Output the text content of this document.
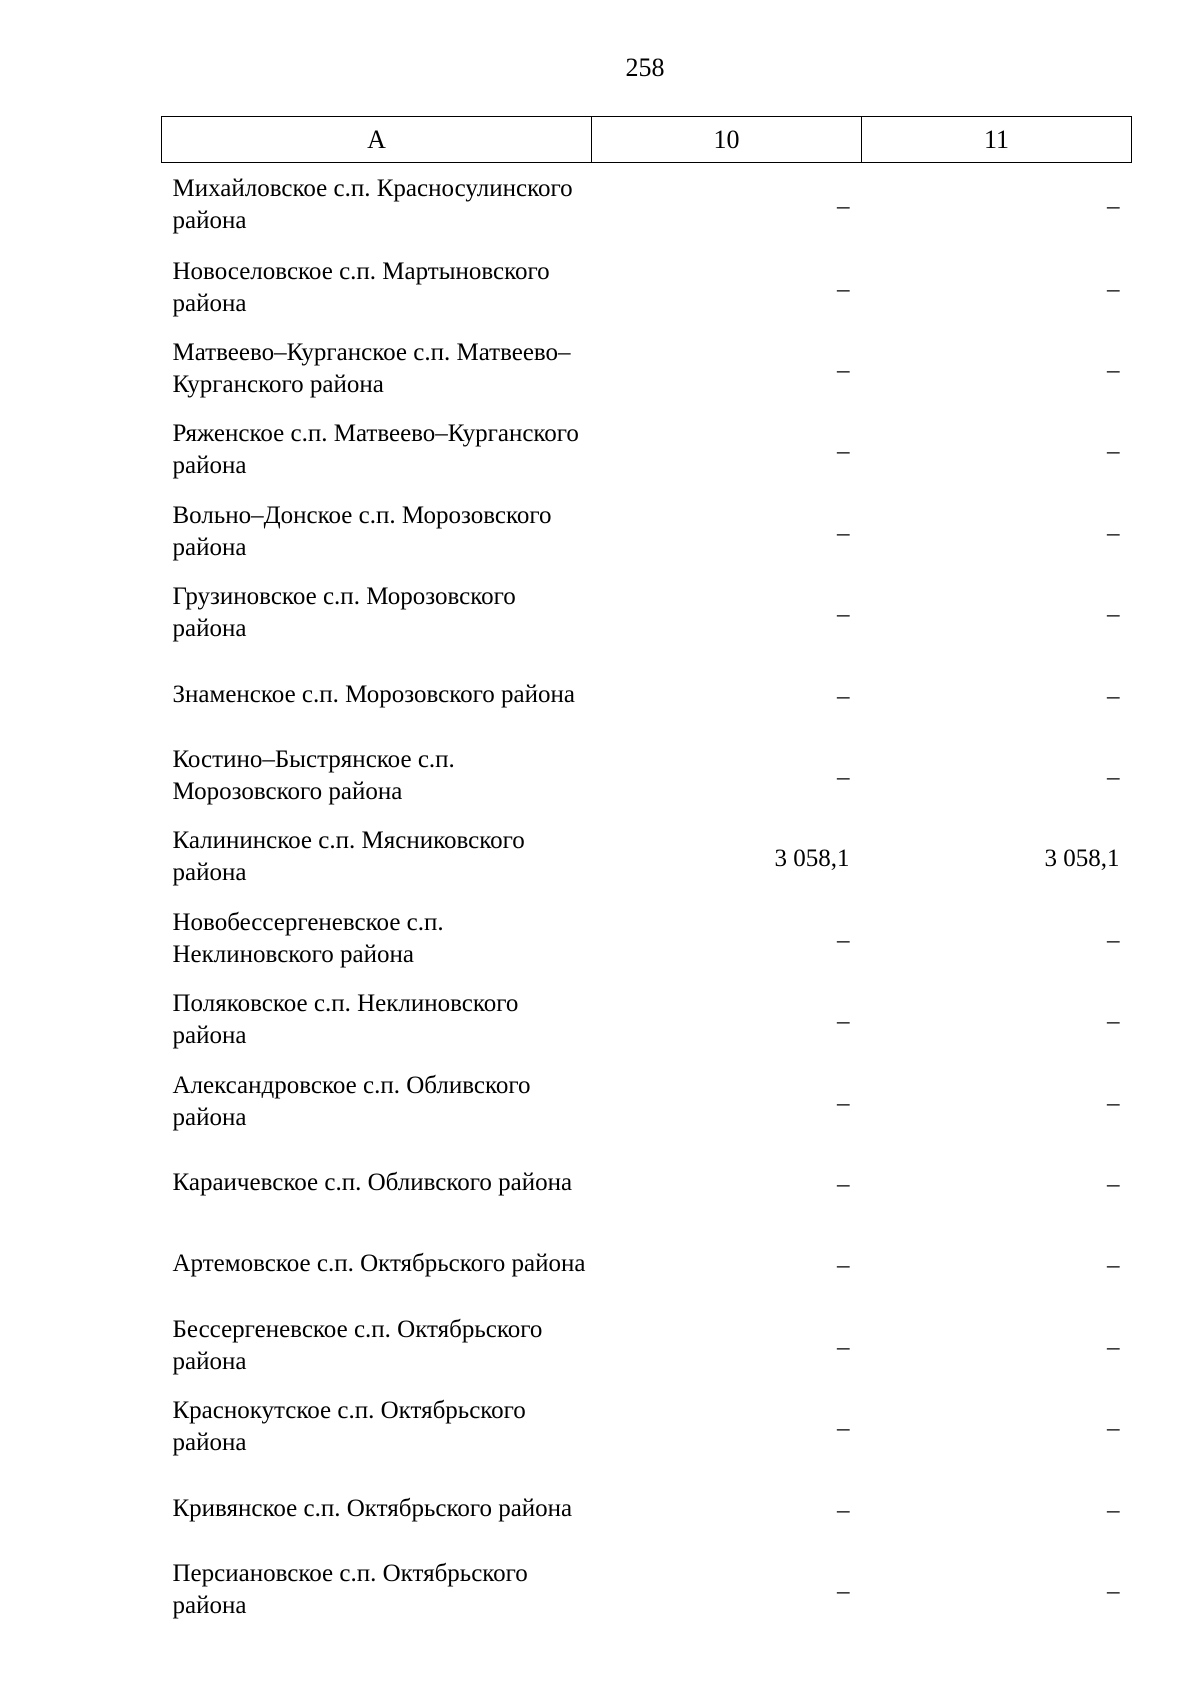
258
А	10	11
Михайловское с.п. Красносулинского района	–	–
Новоселовское с.п. Мартыновского района	–	–
Матвеево–Курганское с.п. Матвеево–Курганского района	–	–
Ряженское с.п. Матвеево–Курганского района	–	–
Вольно–Донское с.п. Морозовского района	–	–
Грузиновское с.п. Морозовского района	–	–
Знаменское с.п. Морозовского района	–	–
Костино–Быстрянское с.п. Морозовского района	–	–
Калининское с.п. Мясниковского района	3 058,1	3 058,1
Новобессергеневское с.п. Неклиновского района	–	–
Поляковское с.п. Неклиновского района	–	–
Александровское с.п. Обливского района	–	–
Караичевское с.п. Обливского района	–	–
Артемовское с.п. Октябрьского района	–	–
Бессергеневское с.п. Октябрьского района	–	–
Краснокутское с.п. Октябрьского района	–	–
Кривянское с.п. Октябрьского района	–	–
Персиановское с.п. Октябрьского района	–	–
